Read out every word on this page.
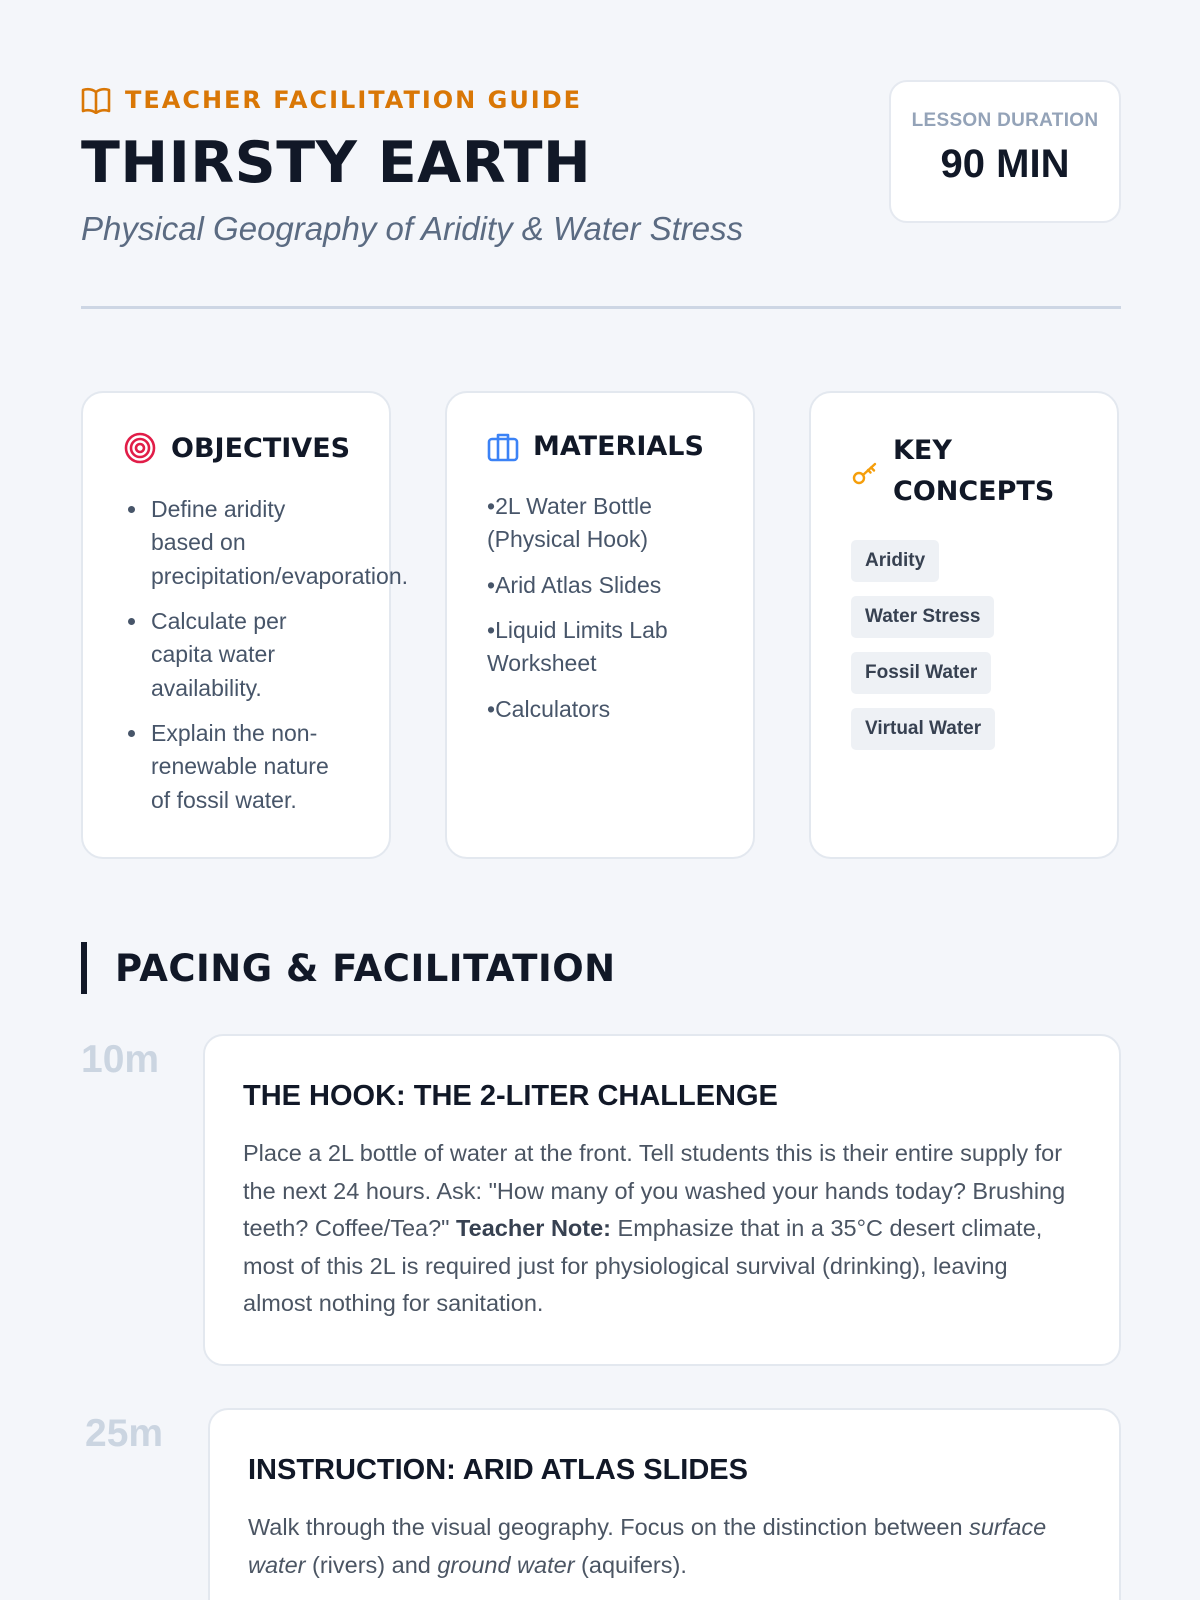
TEACHER FACILITATION GUIDE
THIRSTY EARTH

Physical Geography of Aridity & Water Stress

LESSON DURATION
90 MIN
OBJECTIVES
• Define aridity based on precipitation/evaporation.
• Calculate per capita water availability.
• Explain the non-renewable nature of fossil water.
MATERIALS
• 2L Water Bottle (Physical Hook)
• Arid Atlas Slides
• Liquid Limits Lab Worksheet
• Calculators
KEY CONCEPTS
Aridity
Water Stress
Fossil Water
Virtual Water
PACING & FACILITATION
10m
THE HOOK: THE 2-LITER CHALLENGE

Place a 2L bottle of water at the front. Tell students this is their entire supply for the next 24 hours. Ask: "How many of you washed your hands today? Brushing teeth? Coffee/Tea?" Teacher Note: Emphasize that in a 35°C desert climate, most of this 2L is required just for physiological survival (drinking), leaving almost nothing for sanitation.

25m
INSTRUCTION: ARID ATLAS SLIDES

Walk through the visual geography. Focus on the distinction between surface water (rivers) and ground water (aquifers).
